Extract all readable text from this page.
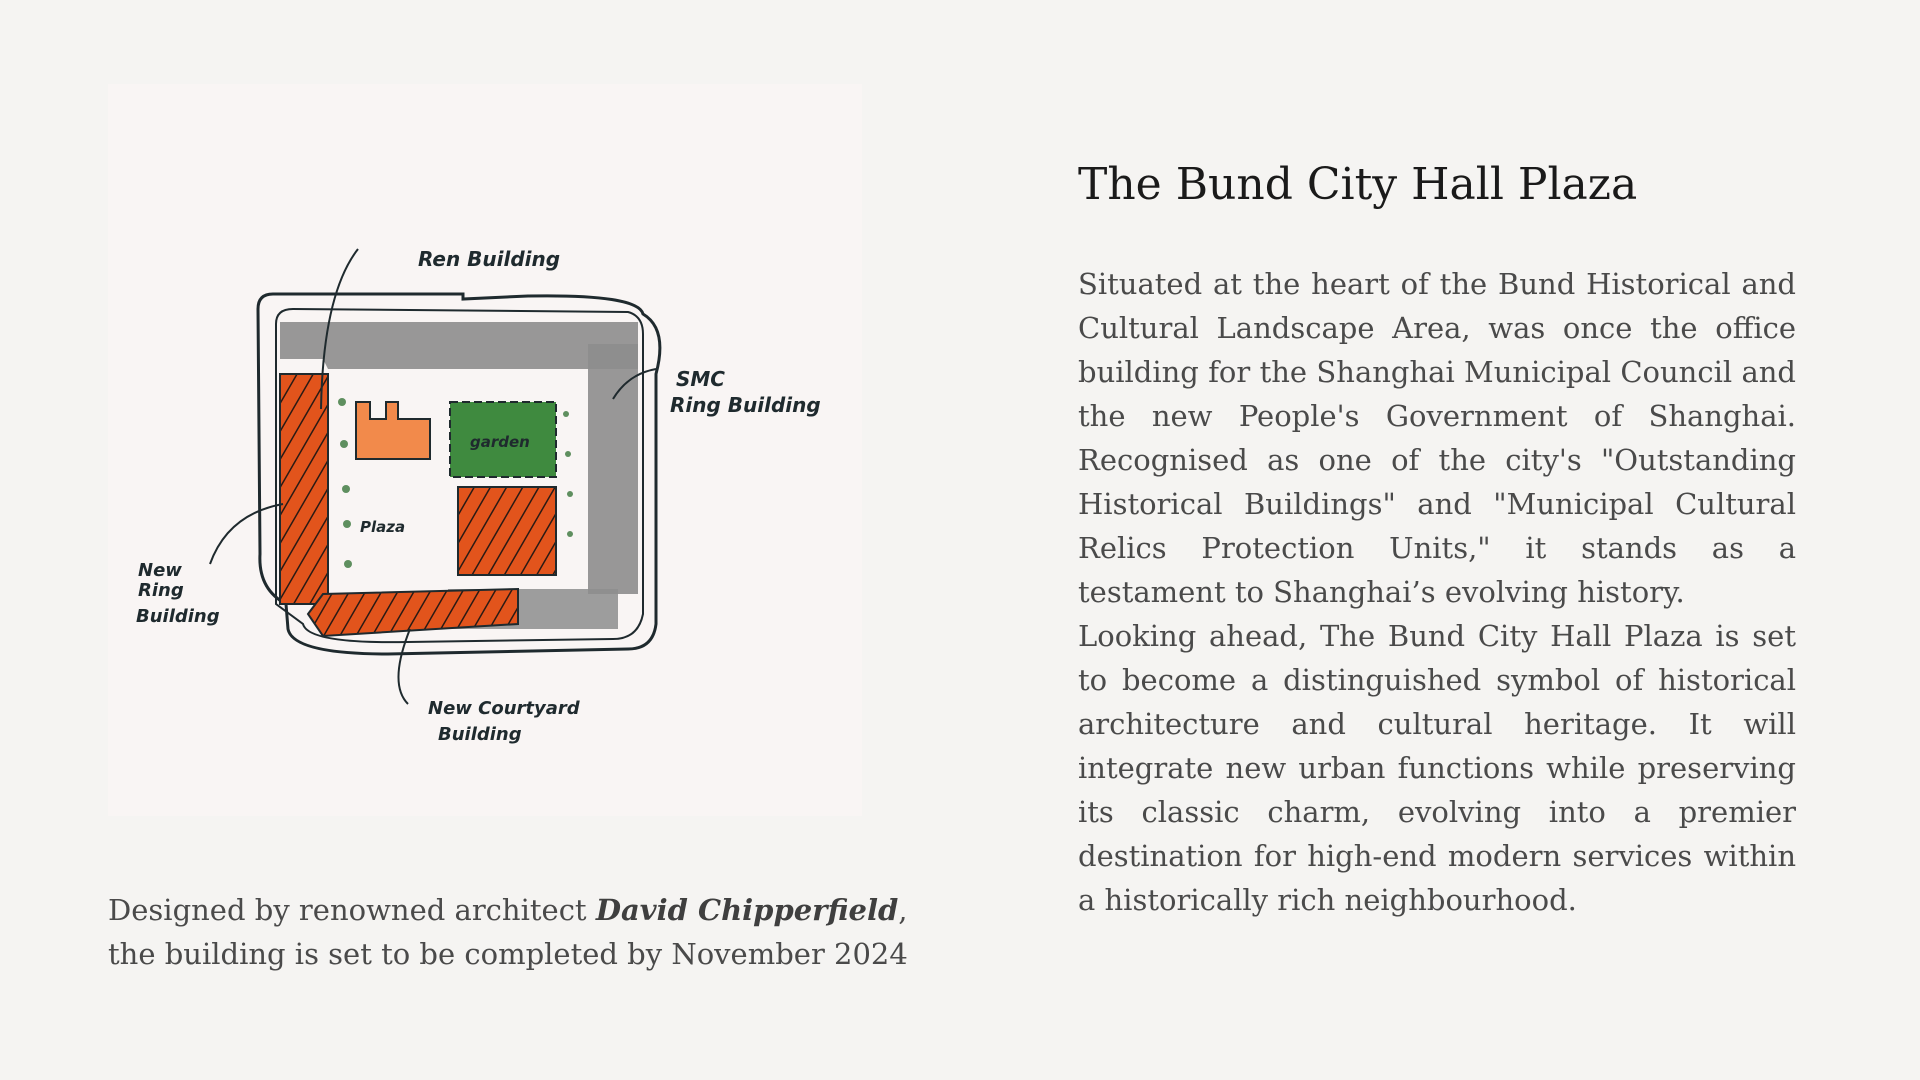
Ren Building
SMC
Ring Building
New
Ring
Building
New Courtyard
Building
garden
Plaza
Designed by renowned architect David Chipperfield,
the building is set to be completed by November 2024
The Bund City Hall Plaza

Situated at the heart of the Bund Historical and Cultural Landscape Area, was once the office building for the Shanghai Municipal Council and the new People's Government of Shanghai. Recognised as one of the city's "Outstanding Historical Buildings" and "Municipal Cultural Relics Protection Units," it stands as a testament to Shanghai’s evolving history.

Looking ahead, The Bund City Hall Plaza is set to become a distinguished symbol of historical architecture and cultural heritage. It will integrate new urban functions while preserving its classic charm, evolving into a premier destination for high-end modern services within a historically rich neighbourhood.
